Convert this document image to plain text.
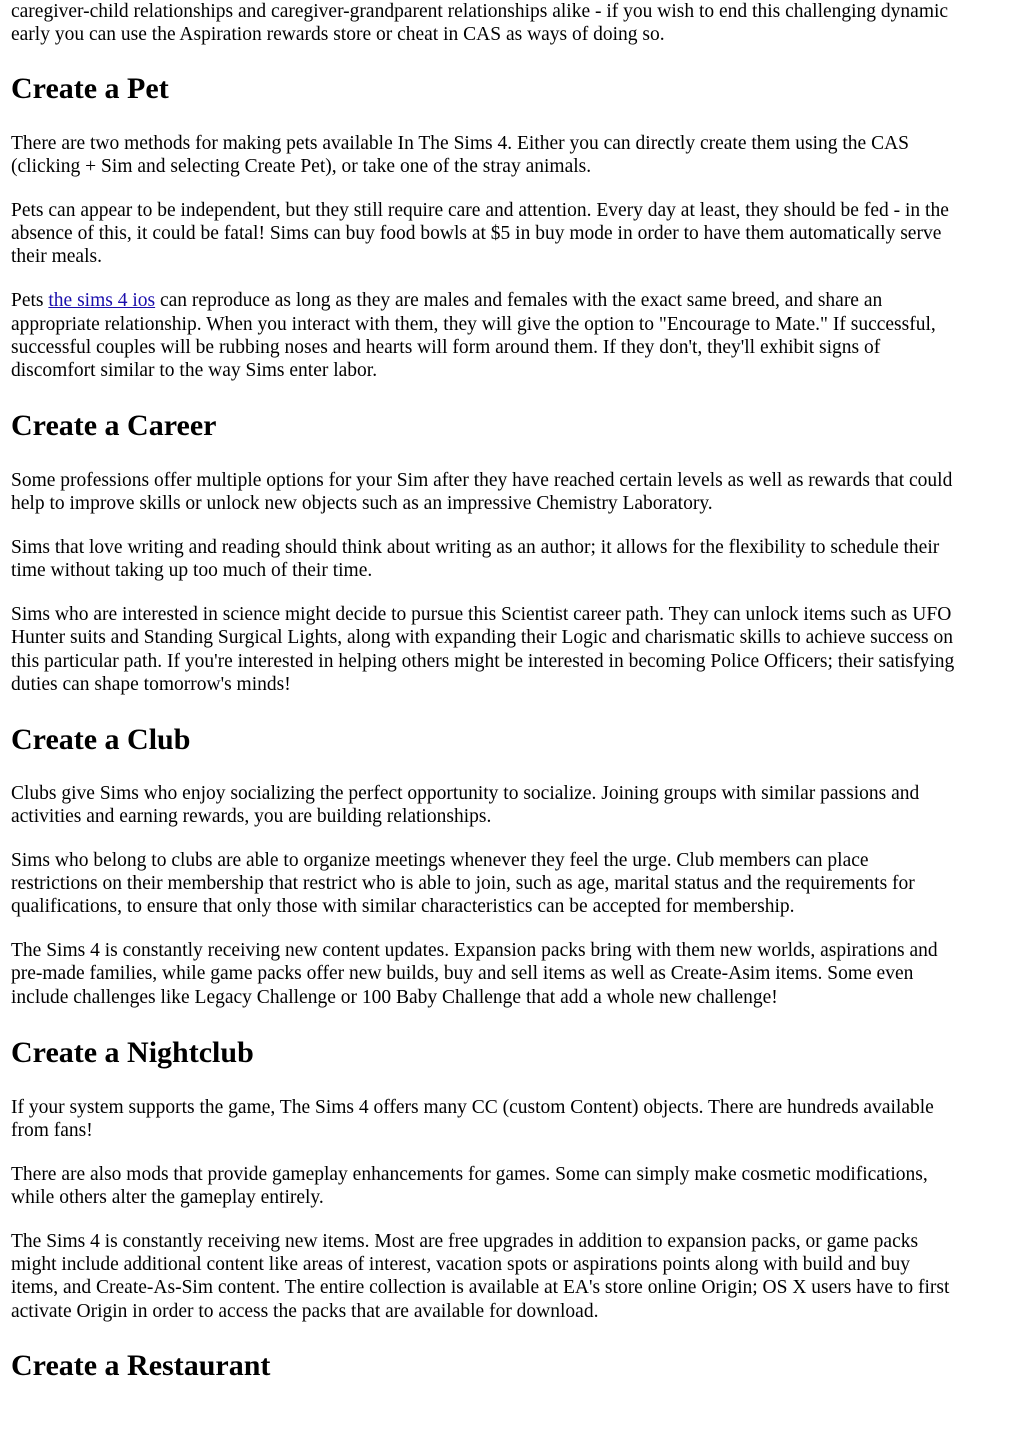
caregiver-child relationships and caregiver-grandparent relationships alike - if you wish to end this challenging dynamic

early you can use the Aspiration rewards store or cheat in CAS as ways of doing so.

Create a Pet

There are two methods for making pets available In The Sims 4. Either you can directly create them using the CAS

(clicking + Sim and selecting Create Pet), or take one of the stray animals.

Pets can appear to be independent, but they still require care and attention. Every day at least, they should be fed - in the

absence of this, it could be fatal! Sims can buy food bowls at $5 in buy mode in order to have them automatically serve

their meals.

Pets the sims 4 ios can reproduce as long as they are males and females with the exact same breed, and share an

appropriate relationship. When you interact with them, they will give the option to "Encourage to Mate." If successful,

successful couples will be rubbing noses and hearts will form around them. If they don't, they'll exhibit signs of

discomfort similar to the way Sims enter labor.

Create a Career

Some professions offer multiple options for your Sim after they have reached certain levels as well as rewards that could

help to improve skills or unlock new objects such as an impressive Chemistry Laboratory.

Sims that love writing and reading should think about writing as an author; it allows for the flexibility to schedule their

time without taking up too much of their time.

Sims who are interested in science might decide to pursue this Scientist career path. They can unlock items such as UFO

Hunter suits and Standing Surgical Lights, along with expanding their Logic and charismatic skills to achieve success on

this particular path. If you're interested in helping others might be interested in becoming Police Officers; their satisfying

duties can shape tomorrow's minds!

Create a Club

Clubs give Sims who enjoy socializing the perfect opportunity to socialize. Joining groups with similar passions and

activities and earning rewards, you are building relationships.

Sims who belong to clubs are able to organize meetings whenever they feel the urge. Club members can place

restrictions on their membership that restrict who is able to join, such as age, marital status and the requirements for

qualifications, to ensure that only those with similar characteristics can be accepted for membership.

The Sims 4 is constantly receiving new content updates. Expansion packs bring with them new worlds, aspirations and

pre-made families, while game packs offer new builds, buy and sell items as well as Create-Asim items. Some even

include challenges like Legacy Challenge or 100 Baby Challenge that add a whole new challenge!

Create a Nightclub

If your system supports the game, The Sims 4 offers many CC (custom Content) objects. There are hundreds available

from fans!

There are also mods that provide gameplay enhancements for games. Some can simply make cosmetic modifications,

while others alter the gameplay entirely.

The Sims 4 is constantly receiving new items. Most are free upgrades in addition to expansion packs, or game packs

might include additional content like areas of interest, vacation spots or aspirations points along with build and buy

items, and Create-As-Sim content. The entire collection is available at EA's store online Origin; OS X users have to first

activate Origin in order to access the packs that are available for download.

Create a Restaurant
